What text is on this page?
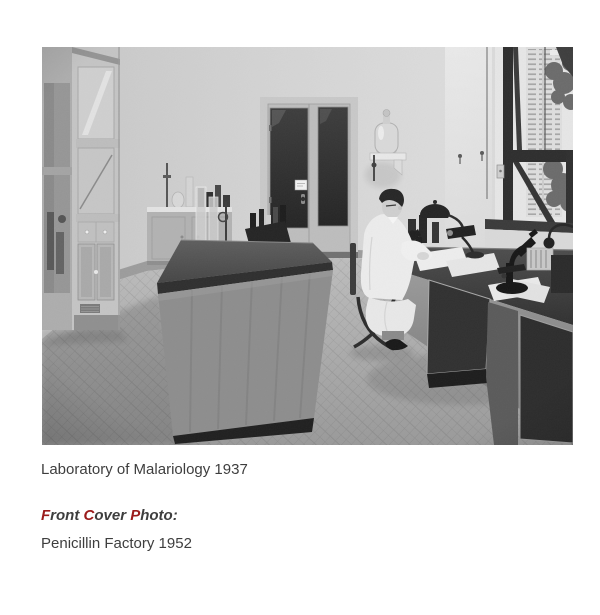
Laboratory of Malariology 1937
Front Cover Photo:
Penicillin Factory 1952
